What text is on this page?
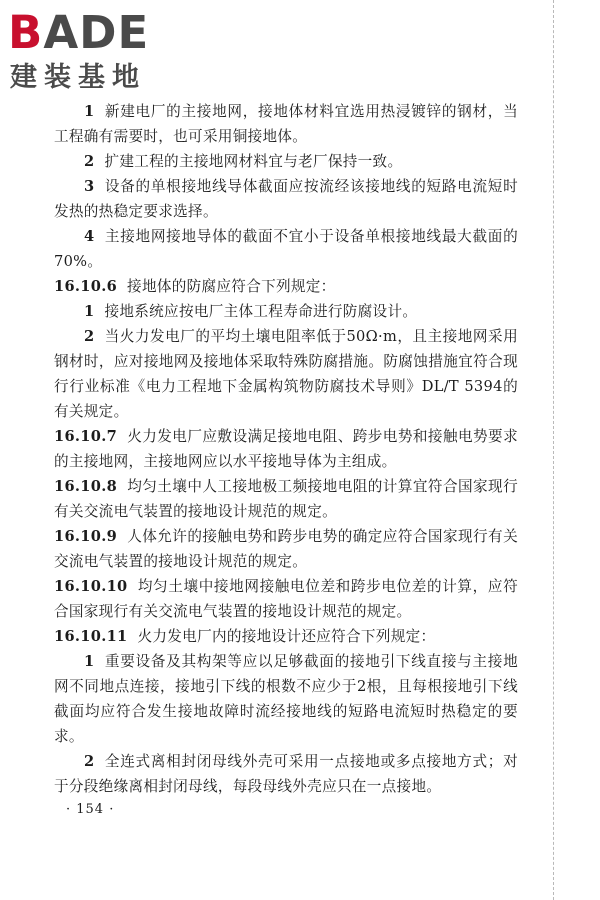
BADE
建装基地

1 新建电厂的主接地网，接地体材料宜选用热浸镀锌的钢材，当工程确有需要时，也可采用铜接地体。

2 扩建工程的主接地网材料宜与老厂保持一致。

3 设备的单根接地线导体截面应按流经该接地线的短路电流短时发热的热稳定要求选择。

4 主接地网接地导体的截面不宜小于设备单根接地线最大截面的70%。

16.10.6 接地体的防腐应符合下列规定：

1 接地系统应按电厂主体工程寿命进行防腐设计。

2 当火力发电厂的平均土壤电阻率低于50Ω·m，且主接地网采用钢材时，应对接地网及接地体采取特殊防腐措施。防腐蚀措施宜符合现行行业标准《电力工程地下金属构筑物防腐技术导则》DL/T 5394的有关规定。

16.10.7 火力发电厂应敷设满足接地电阻、跨步电势和接触电势要求的主接地网，主接地网应以水平接地导体为主组成。

16.10.8 均匀土壤中人工接地极工频接地电阻的计算宜符合国家现行有关交流电气装置的接地设计规范的规定。

16.10.9 人体允许的接触电势和跨步电势的确定应符合国家现行有关交流电气装置的接地设计规范的规定。

16.10.10 均匀土壤中接地网接触电位差和跨步电位差的计算，应符合国家现行有关交流电气装置的接地设计规范的规定。

16.10.11 火力发电厂内的接地设计还应符合下列规定：

1 重要设备及其构架等应以足够截面的接地引下线直接与主接地网不同地点连接，接地引下线的根数不应少于2根，且每根接地引下线截面均应符合发生接地故障时流经接地线的短路电流短时热稳定的要求。

2 全连式离相封闭母线外壳可采用一点接地或多点接地方式；对于分段绝缘离相封闭母线，每段母线外壳应只在一点接地。

· 154 ·
